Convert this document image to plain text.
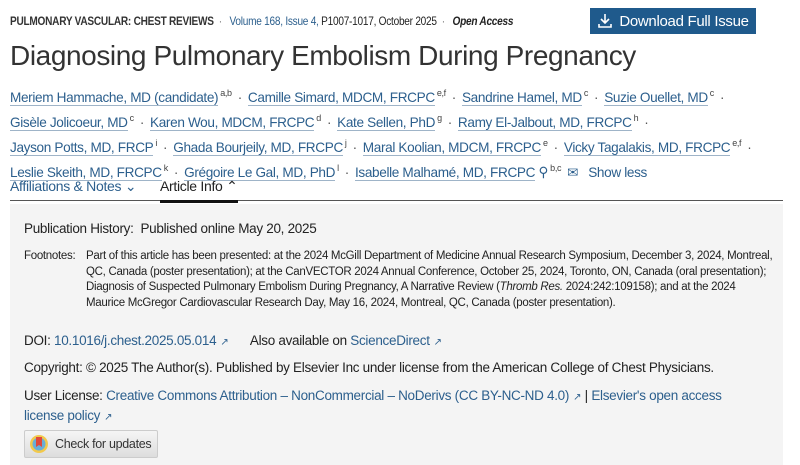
PULMONARY VASCULAR: CHEST REVIEWS · Volume 168, Issue 4, P1007-1017, October 2025 · Open Access	Download Full Issue
Diagnosing Pulmonary Embolism During Pregnancy
Meriem Hammache, MD (candidate) $^{a,b}$ · Camille Simard, MDCM, FRCPC $^{e,f}$ · Sandrine Hamel, MD $^c$ · Suzie Ouellet, MD $^c$ ·
Gisèle Jolicoeur, MD $^c$ · Karen Wou, MDCM, FRCPC $^d$ · Kate Sellen, PhD $^g$ · Ramy El-Jalbout, MD, FRCPC $^h$ ·
Jayson Potts, MD, FRCP $^i$ · Ghada Bourjeily, MD, FRCPC $^j$ · Maral Koolian, MDCM, FRCPC $^e$ · Vicky Tagalakis, MD, FRCPC $^{e,f}$ ·
Leslie Skeith, MD, FRCPC $^k$ · Grégoire Le Gal, MD, PhD $^l$ · Isabelle Malhamé, MD, FRCPC ⚲ $^{b,c}$ ✉ Show less
Affiliations & Notes ⌄ Article Info ⌃
Publication History: Published online May 20, 2025
Footnotes: Part of this article has been presented: at the 2024 McGill Department of Medicine Annual Research Symposium, December 3, 2024, Montreal, QC, Canada (poster presentation); at the CanVECTOR 2024 Annual Conference, October 25, 2024, Toronto, ON, Canada (oral presentation); Diagnosis of Suspected Pulmonary Embolism During Pregnancy, A Narrative Review (Thromb Res. 2024:242:109158); and at the 2024 Maurice McGregor Cardiovascular Research Day, May 16, 2024, Montreal, QC, Canada (poster presentation).
DOI: 10.1016/j.chest.2025.05.014 ↗ Also available on ScienceDirect ↗
Copyright: © 2025 The Author(s). Published by Elsevier Inc under license from the American College of Chest Physicians.
User License: Creative Commons Attribution – NonCommercial – NoDerivs (CC BY-NC-ND 4.0) ↗ | Elsevier's open access license policy ↗
Check for updates
